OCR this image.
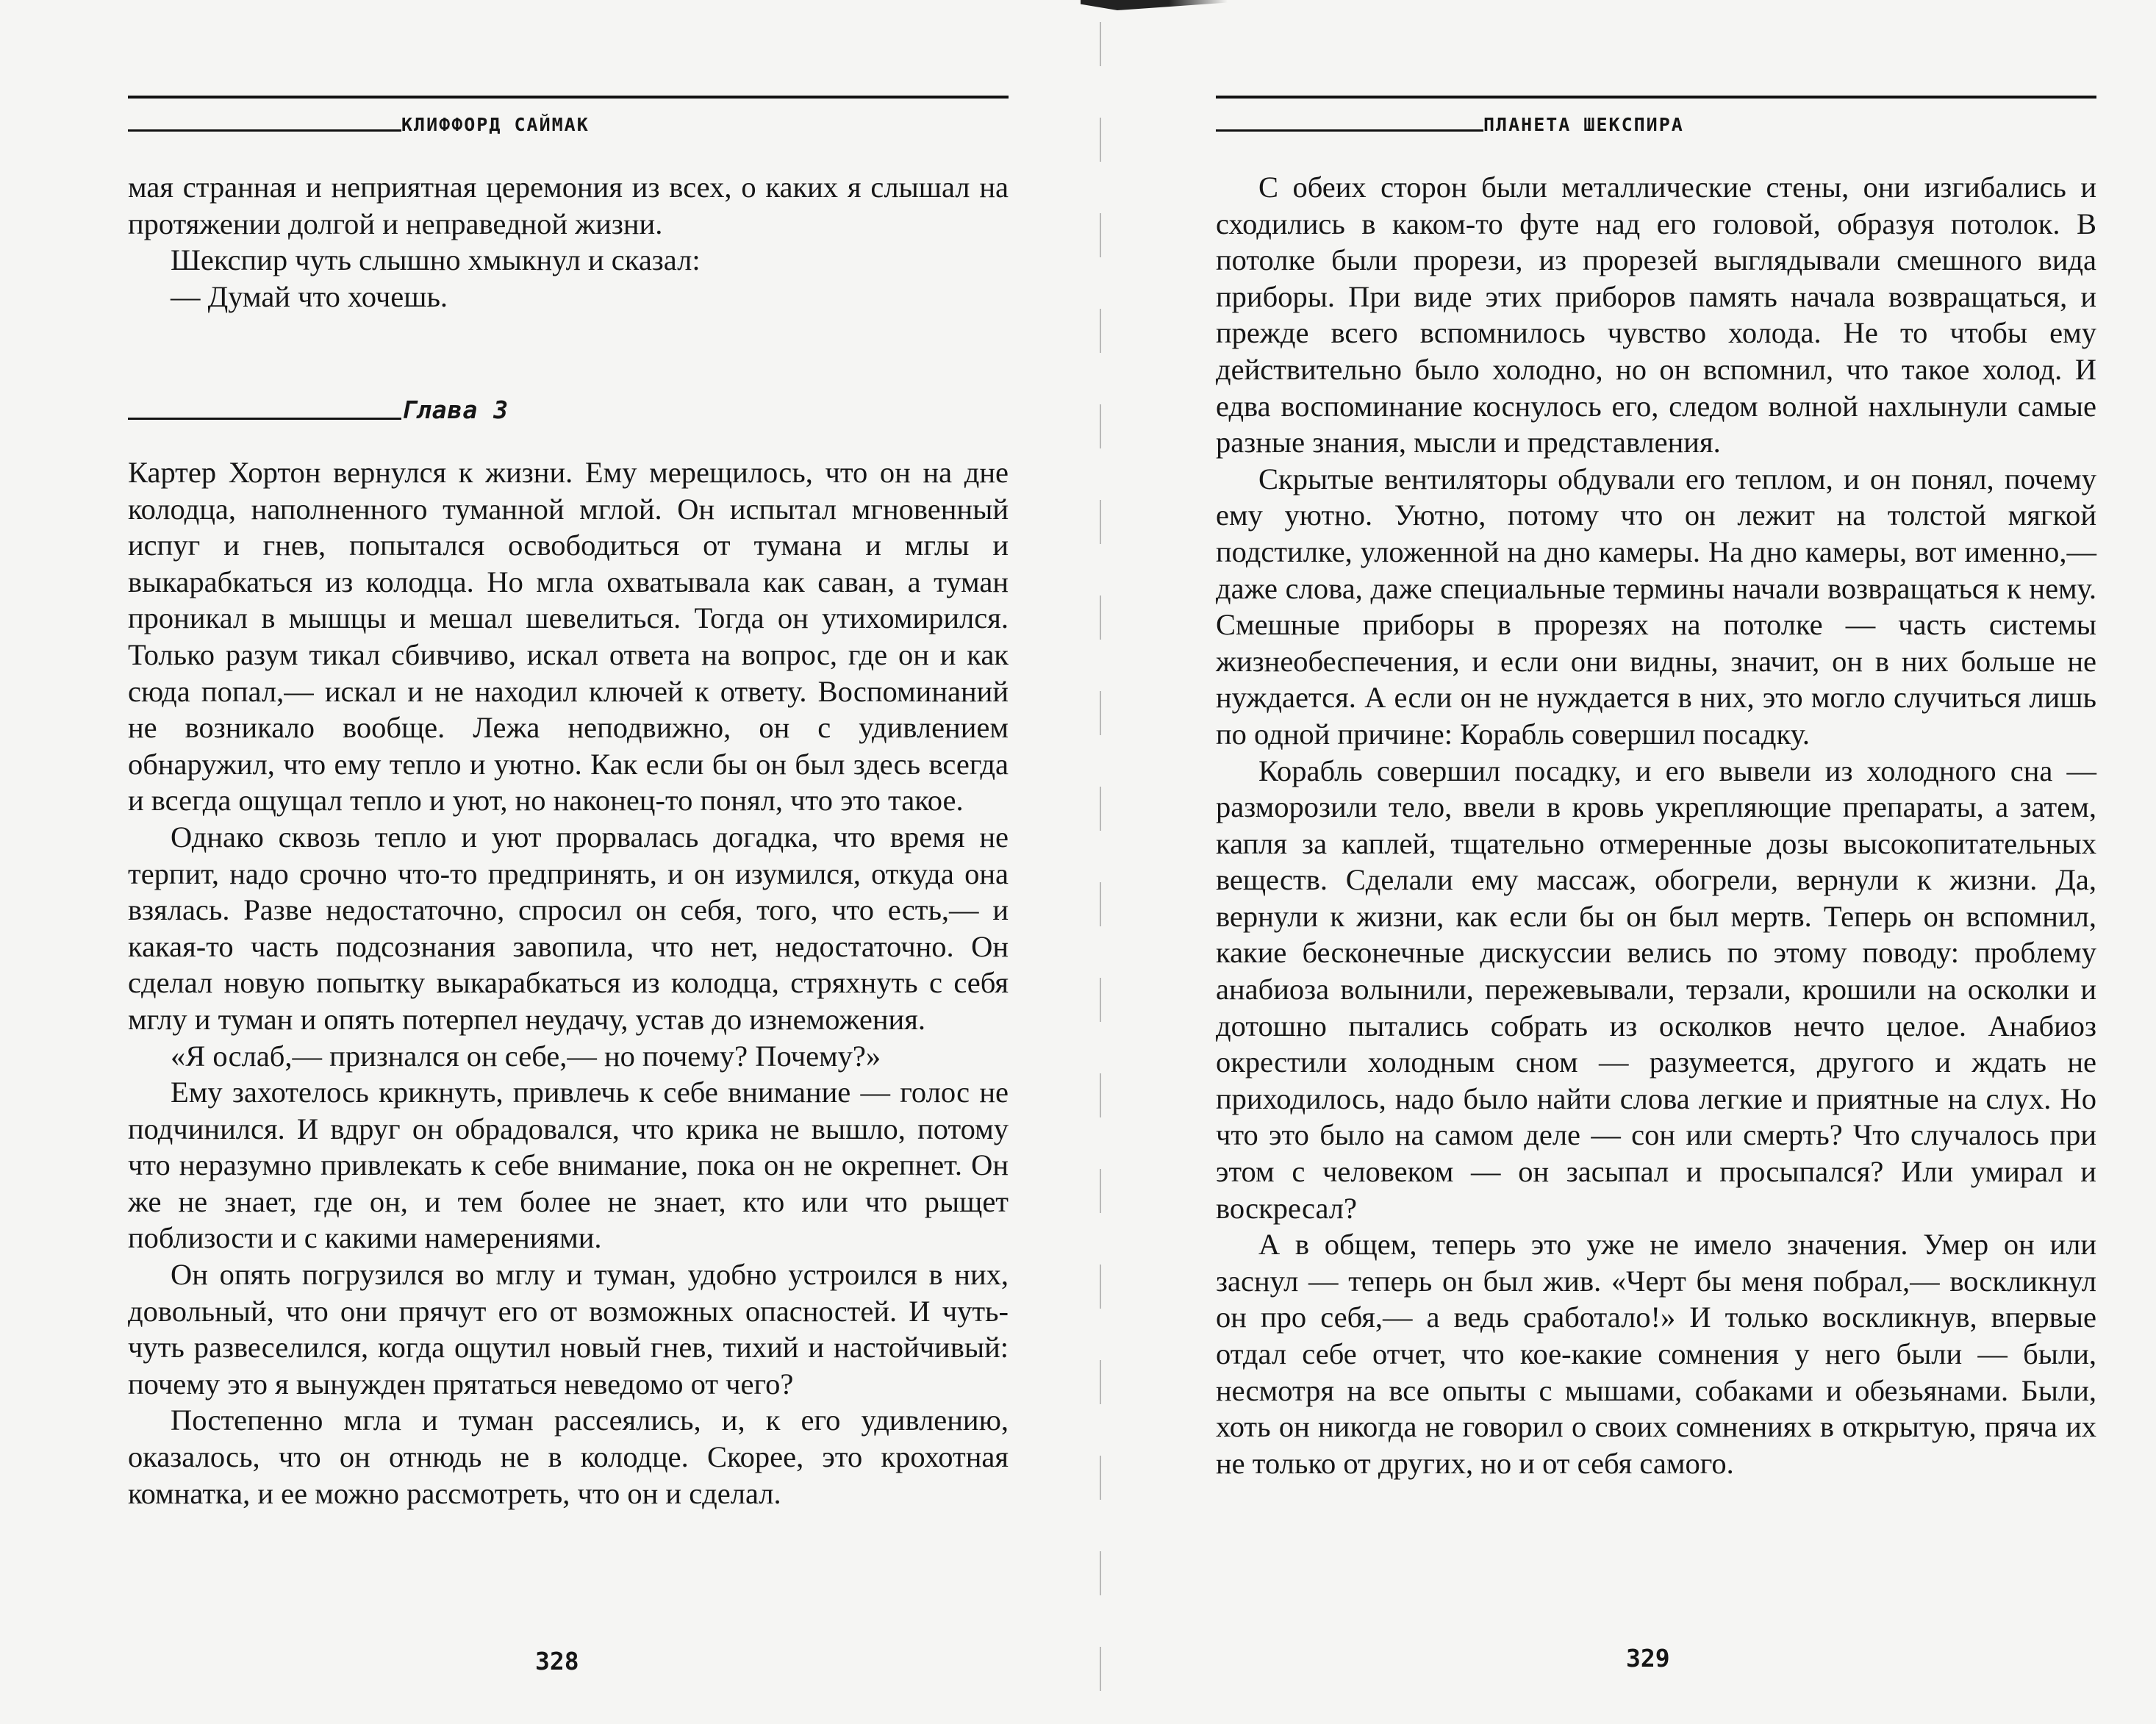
КЛИФФОРД САЙМАК

мая странная и неприятная церемония из всех, о каких я слышал на протяжении долгой и неправедной жизни.

Шекспир чуть слышно хмыкнул и сказал:

— Думай что хочешь.

Глава 3

Картер Хортон вернулся к жизни. Ему мерещилось, что он на дне колодца, наполненного туманной мглой. Он испытал мгновенный испуг и гнев, попытался освободиться от тумана и мглы и выкарабкаться из колодца. Но мгла охватывала как саван, а туман проникал в мышцы и мешал шевелиться. Тогда он утихомирился. Только разум тикал сбивчиво, искал ответа на вопрос, где он и как сюда попал,— искал и не находил ключей к ответу. Воспоминаний не возникало вообще. Лежа неподвижно, он с удивлением обнаружил, что ему тепло и уютно. Как если бы он был здесь всегда и всегда ощущал тепло и уют, но наконец-то понял, что это такое.

Однако сквозь тепло и уют прорвалась догадка, что время не терпит, надо срочно что-то предпринять, и он изумился, откуда она взялась. Разве недостаточно, спросил он себя, того, что есть,— и какая-то часть подсознания завопила, что нет, недостаточно. Он сделал новую попытку выкарабкаться из колодца, стряхнуть с себя мглу и туман и опять потерпел неудачу, устав до изнеможения.

«Я ослаб,— признался он себе,— но почему? Почему?»

Ему захотелось крикнуть, привлечь к себе внимание — голос не подчинился. И вдруг он обрадовался, что крика не вышло, потому что неразумно привлекать к себе внимание, пока он не окрепнет. Он же не знает, где он, и тем более не знает, кто или что рыщет поблизости и с какими намерениями.

Он опять погрузился во мглу и туман, удобно устроился в них, довольный, что они прячут его от возможных опасностей. И чуть-чуть развеселился, когда ощутил новый гнев, тихий и настойчивый: почему это я вынужден прятаться неведомо от чего?

Постепенно мгла и туман рассеялись, и, к его удивлению, оказалось, что он отнюдь не в колодце. Скорее, это крохотная комнатка, и ее можно рассмотреть, что он и сделал.

328
ПЛАНЕТА ШЕКСПИРА

С обеих сторон были металлические стены, они изгибались и сходились в каком-то футе над его головой, образуя потолок. В потолке были прорези, из прорезей выглядывали смешного вида приборы. При виде этих приборов память начала возвращаться, и прежде всего вспомнилось чувство холода. Не то чтобы ему действительно было холодно, но он вспомнил, что такое холод. И едва воспоминание коснулось его, следом волной нахлынули самые разные знания, мысли и представления.

Скрытые вентиляторы обдували его теплом, и он понял, почему ему уютно. Уютно, потому что он лежит на толстой мягкой подстилке, уложенной на дно камеры. На дно камеры, вот именно,— даже слова, даже специальные термины начали возвращаться к нему. Смешные приборы в прорезях на потолке — часть системы жизнеобеспечения, и если они видны, значит, он в них больше не нуждается. А если он не нуждается в них, это могло случиться лишь по одной причине: Корабль совершил посадку.

Корабль совершил посадку, и его вывели из холодного сна — разморозили тело, ввели в кровь укрепляющие препараты, а затем, капля за каплей, тщательно отмеренные дозы высокопитательных веществ. Сделали ему массаж, обогрели, вернули к жизни. Да, вернули к жизни, как если бы он был мертв. Теперь он вспомнил, какие бесконечные дискуссии велись по этому поводу: проблему анабиоза волынили, пережевывали, терзали, крошили на осколки и дотошно пытались собрать из осколков нечто целое. Анабиоз окрестили холодным сном — разумеется, другого и ждать не приходилось, надо было найти слова легкие и приятные на слух. Но что это было на самом деле — сон или смерть? Что случалось при этом с человеком — он засыпал и просыпался? Или умирал и воскресал?

А в общем, теперь это уже не имело значения. Умер он или заснул — теперь он был жив. «Черт бы меня побрал,— воскликнул он про себя,— а ведь сработало!» И только воскликнув, впервые отдал себе отчет, что кое-какие сомнения у него были — были, несмотря на все опыты с мышами, собаками и обезьянами. Были, хоть он никогда не говорил о своих сомнениях в открытую, пряча их не только от других, но и от себя самого.

329
